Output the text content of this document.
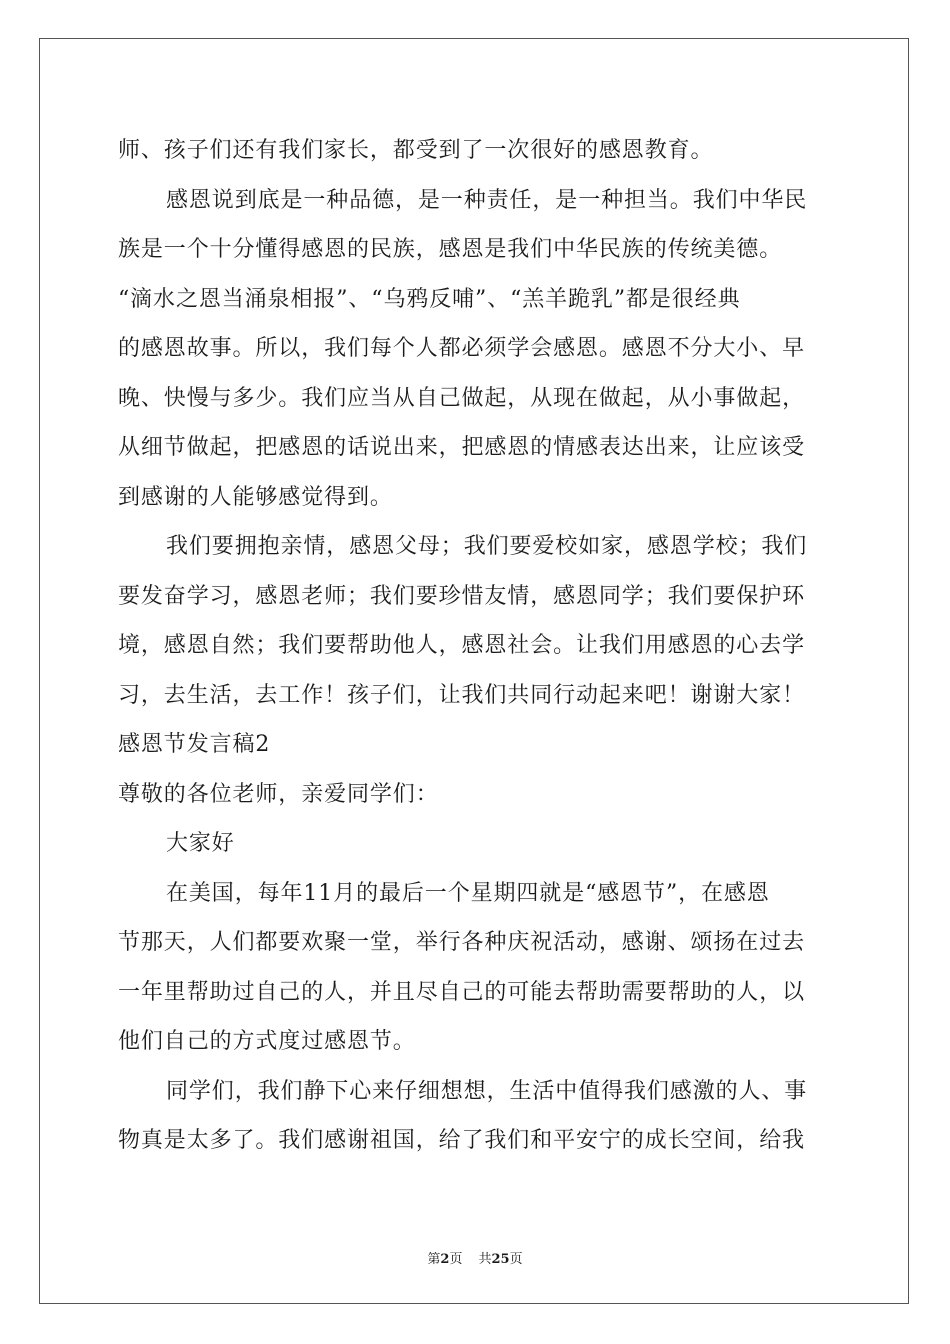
师、孩子们还有我们家长，都受到了一次很好的感恩教育。
感恩说到底是一种品德，是一种责任，是一种担当。我们中华民
族是一个十分懂得感恩的民族，感恩是我们中华民族的传统美德。
“滴水之恩当涌泉相报”、“乌鸦反哺”、“羔羊跪乳”都是很经典
的感恩故事。所以，我们每个人都必须学会感恩。感恩不分大小、早
晚、快慢与多少。我们应当从自己做起，从现在做起，从小事做起，
从细节做起，把感恩的话说出来，把感恩的情感表达出来，让应该受
到感谢的人能够感觉得到。
我们要拥抱亲情，感恩父母；我们要爱校如家，感恩学校；我们
要发奋学习，感恩老师；我们要珍惜友情，感恩同学；我们要保护环
境，感恩自然；我们要帮助他人，感恩社会。让我们用感恩的心去学
习，去生活，去工作！孩子们，让我们共同行动起来吧！谢谢大家！
感恩节发言稿2
尊敬的各位老师，亲爱同学们：
大家好
在美国，每年11月的最后一个星期四就是“感恩节”，在感恩
节那天，人们都要欢聚一堂，举行各种庆祝活动，感谢、颂扬在过去
一年里帮助过自己的人，并且尽自己的可能去帮助需要帮助的人，以
他们自己的方式度过感恩节。
同学们，我们静下心来仔细想想，生活中值得我们感激的人、事
物真是太多了。我们感谢祖国，给了我们和平安宁的成长空间，给我
第2页 共25页
